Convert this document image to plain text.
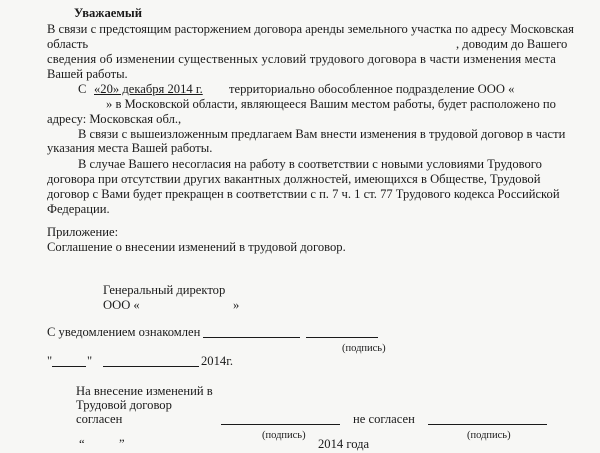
Уважаемый
В связи с предстоящим расторжением договора аренды земельного участка по адресу Московская
область	, доводим до Вашего
сведения об изменении существенных условий трудового договора в части изменения места
Вашей работы.
С «20» декабря 2014 г. территориально обособленное подразделение ООО «
» в Московской области, являющееся Вашим местом работы, будет расположено по
адресу: Московская обл.,
В связи с вышеизложенным предлагаем Вам внести изменения в трудовой договор в части
указания места Вашей работы.
В случае Вашего несогласия на работу в соответствии с новыми условиями Трудового
договора при отсутствии других вакантных должностей, имеющихся в Обществе, Трудовой
договор с Вами будет прекращен в соответствии с п. 7 ч. 1 ст. 77 Трудового кодекса Российской
Федерации.
Приложение:
Соглашение о внесении изменений в трудовой договор.
Генеральный директор
ООО «	»
С уведомлением ознакомлен
(подпись)
"	"	2014г.
На внесение изменений в
Трудовой договор
согласен	не согласен
(подпись)	(подпись)
“	”	2014 года
